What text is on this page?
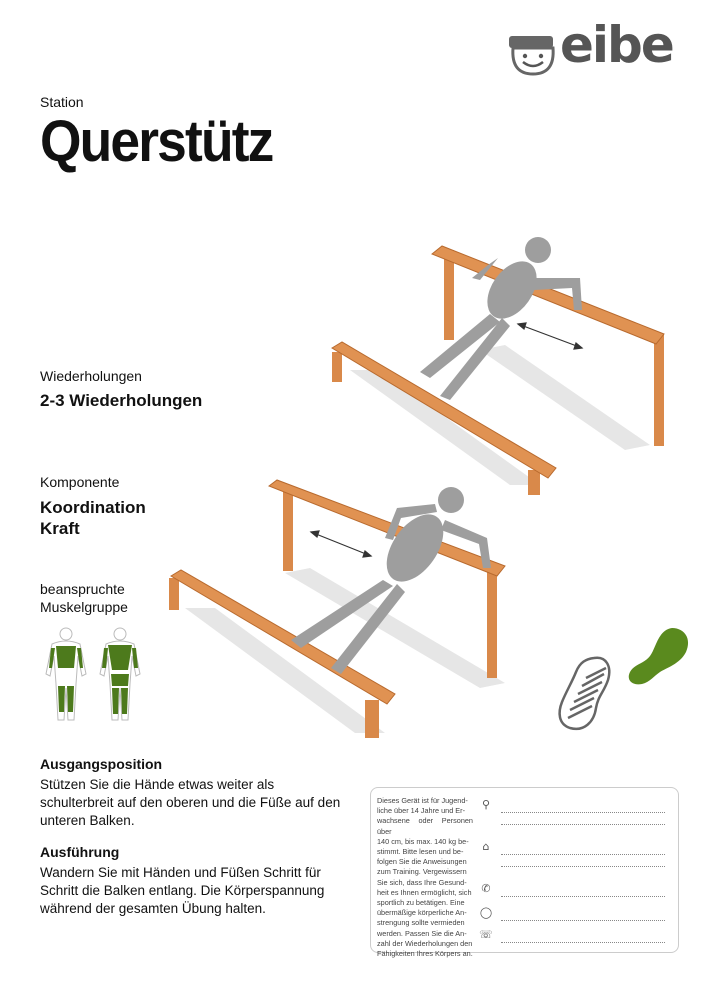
eibe
Station
Querstütz
Wiederholungen
2-3 Wiederholungen
Komponente
Koordination
Kraft
beanspruchte
Muskelgruppe
Ausgangsposition
Stützen Sie die Hände etwas weiter als
schulterbreit auf den oberen und die Füße auf den
unteren Balken.
Ausführung
Wandern Sie mit Händen und Füßen Schritt für
Schritt die Balken entlang. Die Körperspannung
während der gesamten Übung halten.
Dieses Gerät ist für Jugend-
liche über 14 Jahre und Er-
wachsene oder Personen über
140 cm, bis max. 140 kg be-
stimmt. Bitte lesen und be-
folgen Sie die Anweisungen
zum Training. Vergewissern
Sie sich, dass Ihre Gesund-
heit es Ihnen ermöglicht, sich
sportlich zu betätigen. Eine
übermäßige körperliche An-
strengung sollte vermieden
werden. Passen Sie die An-
zahl der Wiederholungen den
Fähigkeiten Ihres Körpers an.
⚲
⌂
✆
◯
☏
